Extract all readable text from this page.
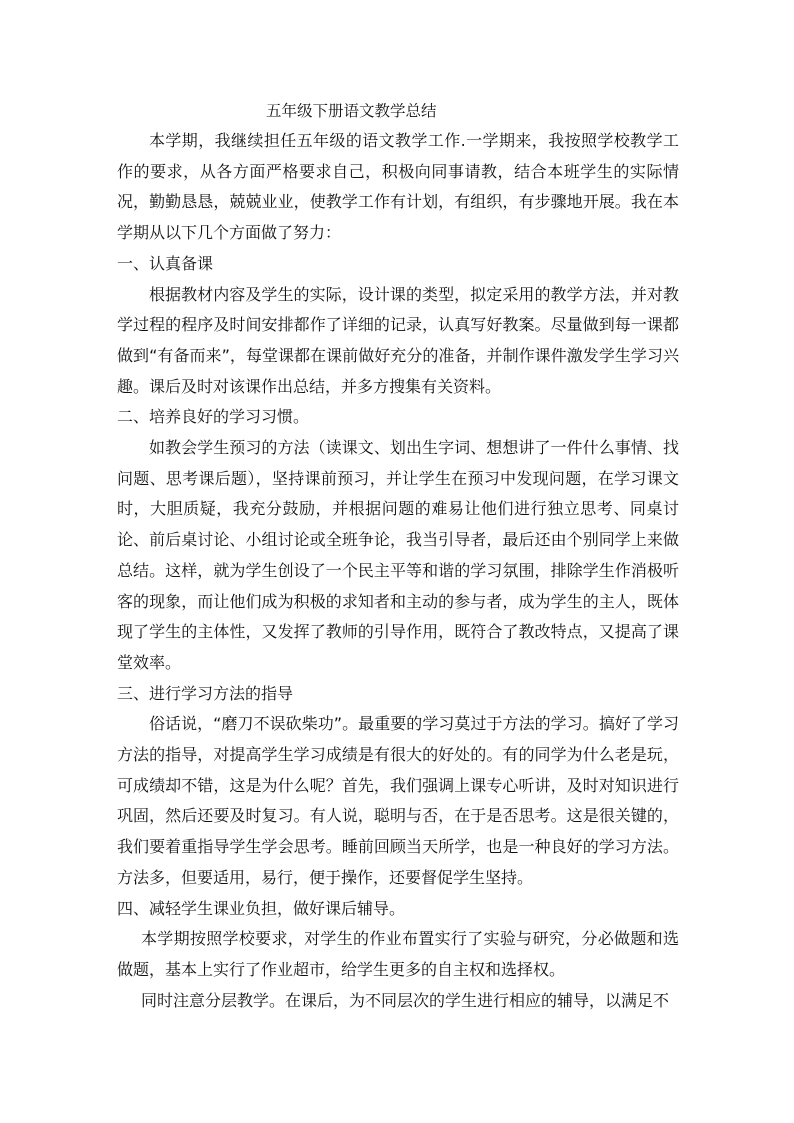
五年级下册语文教学总结

本学期，我继续担任五年级的语文教学工作.一学期来，我按照学校教学工作的要求，从各方面严格要求自己，积极向同事请教，结合本班学生的实际情况，勤勤恳恳，兢兢业业，使教学工作有计划，有组织，有步骤地开展。我在本学期从以下几个方面做了努力：

一、认真备课

根据教材内容及学生的实际，设计课的类型，拟定采用的教学方法，并对教学过程的程序及时间安排都作了详细的记录，认真写好教案。尽量做到每一课都做到“有备而来”，每堂课都在课前做好充分的准备，并制作课件激发学生学习兴趣。课后及时对该课作出总结，并多方搜集有关资料。

二、培养良好的学习习惯。

如教会学生预习的方法（读课文、划出生字词、想想讲了一件什么事情、找问题、思考课后题），坚持课前预习，并让学生在预习中发现问题，在学习课文时，大胆质疑，我充分鼓励，并根据问题的难易让他们进行独立思考、同桌讨论、前后桌讨论、小组讨论或全班争论，我当引导者，最后还由个别同学上来做总结。这样，就为学生创设了一个民主平等和谐的学习氛围，排除学生作消极听客的现象，而让他们成为积极的求知者和主动的参与者，成为学生的主人，既体现了学生的主体性，又发挥了教师的引导作用，既符合了教改特点，又提高了课堂效率。

三、进行学习方法的指导

俗话说，“磨刀不误砍柴功”。最重要的学习莫过于方法的学习。搞好了学习方法的指导，对提高学生学习成绩是有很大的好处的。有的同学为什么老是玩，可成绩却不错，这是为什么呢？首先，我们强调上课专心听讲，及时对知识进行巩固，然后还要及时复习。有人说，聪明与否，在于是否思考。这是很关键的，我们要着重指导学生学会思考。睡前回顾当天所学，也是一种良好的学习方法。方法多，但要适用，易行，便于操作，还要督促学生坚持。

四、减轻学生课业负担，做好课后辅导。

本学期按照学校要求，对学生的作业布置实行了实验与研究，分必做题和选做题，基本上实行了作业超市，给学生更多的自主权和选择权。

同时注意分层教学。在课后，为不同层次的学生进行相应的辅导，以满足不
